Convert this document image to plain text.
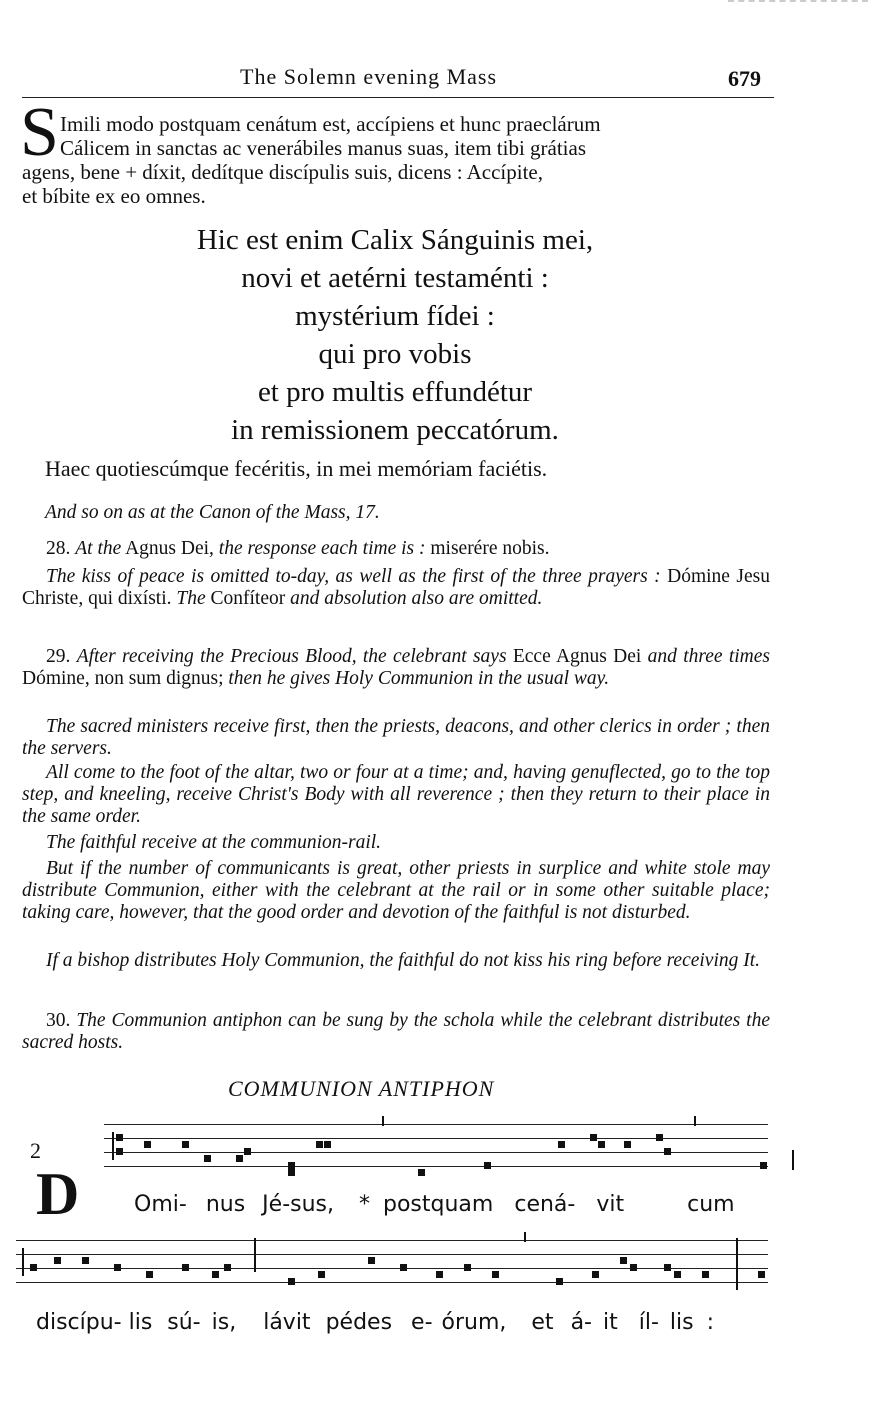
The Solemn evening Mass	679
S Imili modo postquam cenátum est, accípiens et hunc praeclárum
Cálicem in sanctas ac venerábiles manus suas, item tibi grátias
agens, bene + díxit, dedítque discípulis suis, dicens : Accípite,
et bíbite ex eo omnes.
Hic est enim Calix Sánguinis mei,
novi et aetérni testaménti :
mystérium fídei :
qui pro vobis
et pro multis effundétur
in remissionem peccatórum.
Haec quotiescúmque fecéritis, in mei memóriam faciétis.
And so on as at the Canon of the Mass, 17.
28. At the Agnus Dei, the response each time is : miserére nobis.
The kiss of peace is omitted to-day, as well as the first of the three prayers : Dómine Jesu Christe, qui dixísti. The Confíteor and absolution also are omitted.
29. After receiving the Precious Blood, the celebrant says Ecce Agnus Dei and three times Dómine, non sum dignus; then he gives Holy Communion in the usual way.
The sacred ministers receive first, then the priests, deacons, and other clerics in order ; then the servers.
All come to the foot of the altar, two or four at a time; and, having genuflected, go to the top step, and kneeling, receive Christ's Body with all reverence ; then they return to their place in the same order.
The faithful receive at the communion-rail.
But if the number of communicants is great, other priests in surplice and white stole may distribute Communion, either with the celebrant at the rail or in some other suitable place; taking care, however, that the good order and devotion of the faithful is not disturbed.
If a bishop distributes Holy Communion, the faithful do not kiss his ring before receiving It.
30. The Communion antiphon can be sung by the schola while the celebrant distributes the sacred hosts.
COMMUNION ANTIPHON
2
D Omi- nus Jé-sus, * postquam cená- vit	cum
discípu- lis sú- is, lávit pédes e- órum, et á- it íl- lis :
